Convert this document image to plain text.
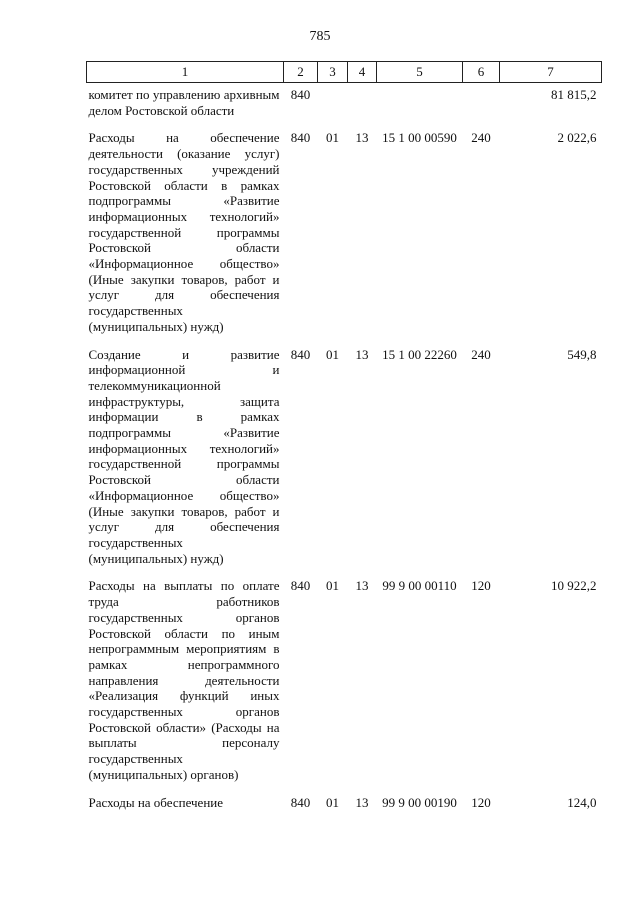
785
1	2	3	4	5	6	7
комитет по управлению архивным делом Ростовской области	840					81 815,2
Расходы на обеспечение деятельности (оказание услуг) государственных учреждений Ростовской области в рамках подпрограммы «Развитие информационных технологий» государственной программы Ростовской области «Информационное общество» (Иные закупки товаров, работ и услуг для обеспечения государственных (муниципальных) нужд)	840	01	13	15 1 00 00590	240	2 022,6
Создание и развитие информационной и телекоммуникационной инфраструктуры, защита информации в рамках подпрограммы «Развитие информационных технологий» государственной программы Ростовской области «Информационное общество» (Иные закупки товаров, работ и услуг для обеспечения государственных (муниципальных) нужд)	840	01	13	15 1 00 22260	240	549,8
Расходы на выплаты по оплате труда работников государственных органов Ростовской области по иным непрограммным мероприятиям в рамках непрограммного направления деятельности «Реализация функций иных государственных органов Ростовской области» (Расходы на выплаты персоналу государственных (муниципальных) органов)	840	01	13	99 9 00 00110	120	10 922,2
Расходы на обеспечение	840	01	13	99 9 00 00190	120	124,0
